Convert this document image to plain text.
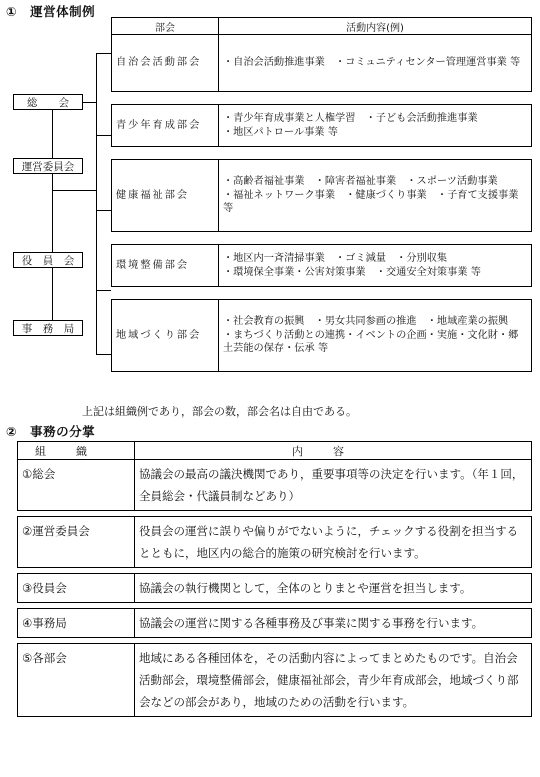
①　運営体制例
総　　会
運営委員会
役　員　会
事　務　局
部会	活動内容(例)
自治会活動部会	・自治会活動推進事業　・コミュニティセンター管理運営事業 等

青少年育成部会	・青少年育成事業と人権学習　・子ども会活動推進事業
・地区パトロール事業 等

健康福祉部会	・高齢者福祉事業　・障害者福祉事業　・スポーツ活動事業
・福祉ネットワーク事業　・健康づくり事業　・子育て支援事業 等

環境整備部会	・地区内一斉清掃事業　・ゴミ減量　・分別収集
・環境保全事業・公害対策事業　・交通安全対策事業 等

地域づくり部会	・社会教育の振興　・男女共同参画の推進　・地域産業の振興
・まちづくり活動との連携・イベントの企画・実施・文化財・郷土芸能の保存・伝承 等
上記は組織例であり，部会の数，部会名は自由である。
②　事務の分掌
組織	内容
①総会	協議会の最高の議決機関であり，重要事項等の決定を行います。（年１回，全員総会・代議員制などあり）

②運営委員会	役員会の運営に誤りや偏りがでないように，チェックする役割を担当するとともに，地区内の総合的施策の研究検討を行います。

③役員会	協議会の執行機関として，全体のとりまとや運営を担当します。

④事務局	協議会の運営に関する各種事務及び事業に関する事務を行います。

⑤各部会	地域にある各種団体を，その活動内容によってまとめたものです。自治会活動部会，環境整備部会，健康福祉部会，青少年育成部会，地域づくり部会などの部会があり，地域のための活動を行います。
